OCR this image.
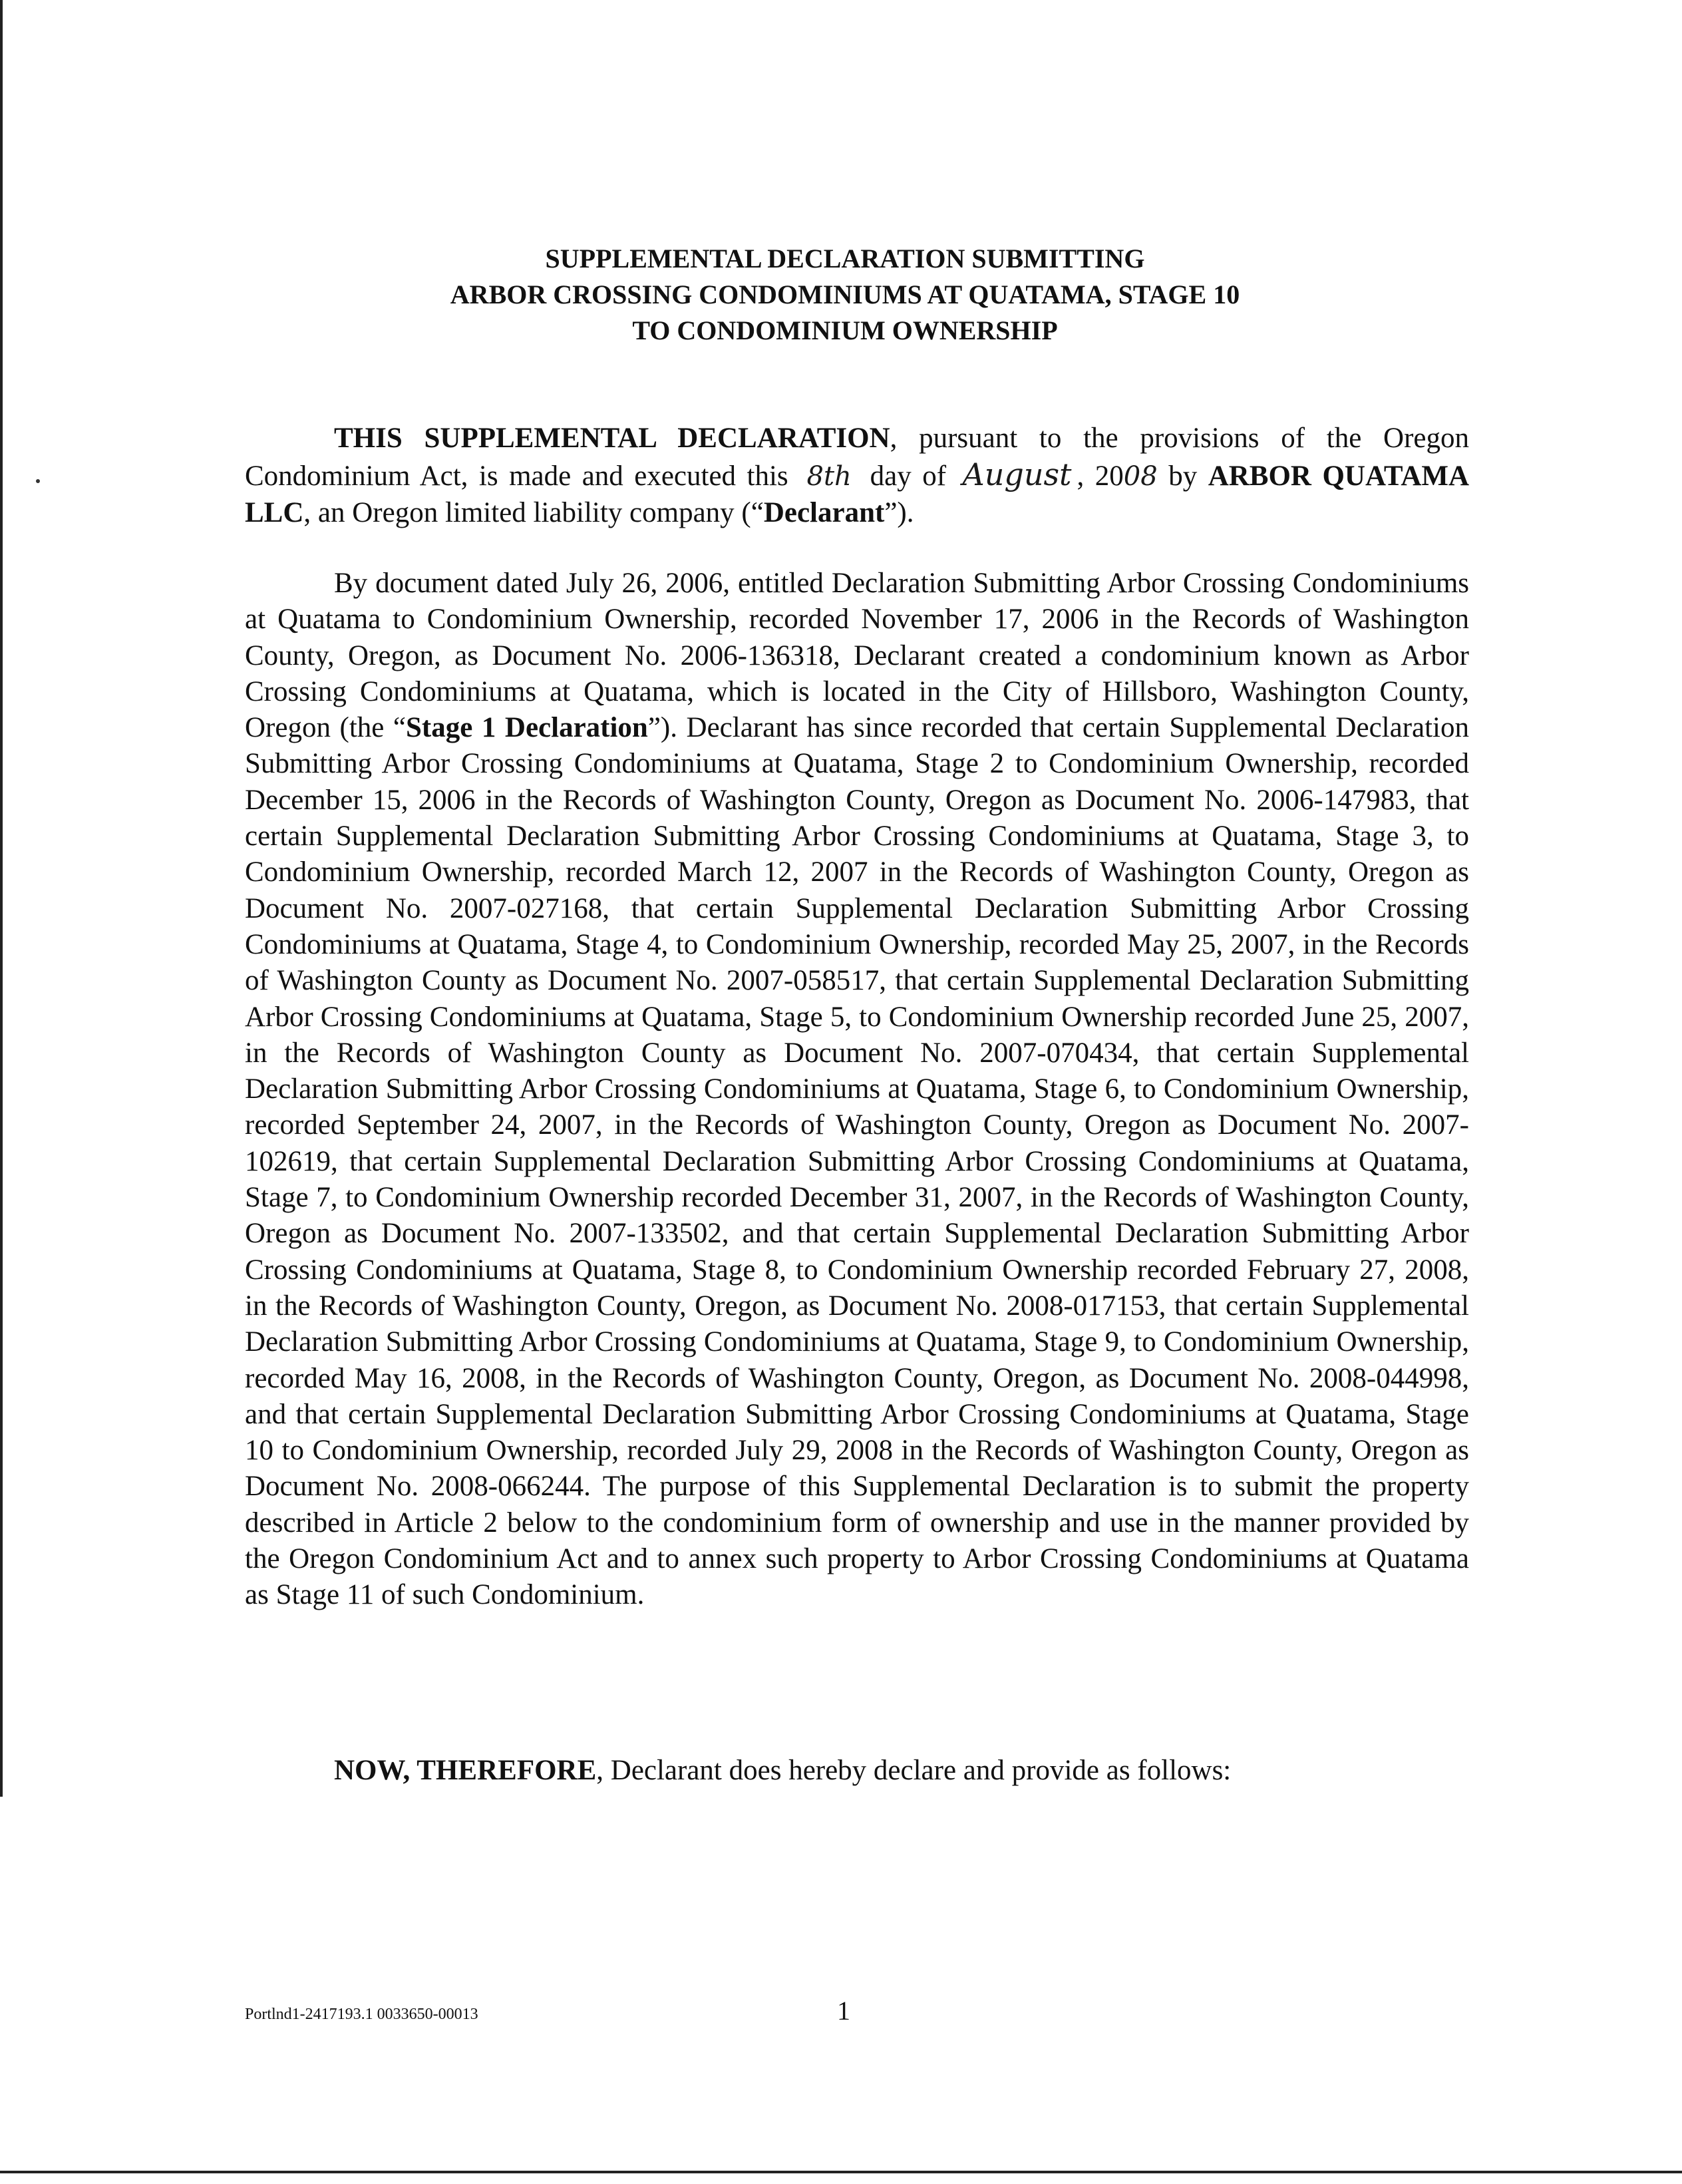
SUPPLEMENTAL DECLARATION SUBMITTING
ARBOR CROSSING CONDOMINIUMS AT QUATAMA, STAGE 10
TO CONDOMINIUM OWNERSHIP

THIS SUPPLEMENTAL DECLARATION, pursuant to the provisions of the Oregon Condominium Act, is made and executed this 8th day of August , 2008 by ARBOR QUATAMA LLC, an Oregon limited liability company (“Declarant”).

By document dated July 26, 2006, entitled Declaration Submitting Arbor Crossing Condominiums at Quatama to Condominium Ownership, recorded November 17, 2006 in the Records of Washington County, Oregon, as Document No. 2006-136318, Declarant created a condominium known as Arbor Crossing Condominiums at Quatama, which is located in the City of Hillsboro, Washington County, Oregon (the “Stage 1 Declaration”). Declarant has since recorded that certain Supplemental Declaration Submitting Arbor Crossing Condominiums at Quatama, Stage 2 to Condominium Ownership, recorded December 15, 2006 in the Records of Washington County, Oregon as Document No. 2006-147983, that certain Supplemental Declaration Submitting Arbor Crossing Condominiums at Quatama, Stage 3, to Condominium Ownership, recorded March 12, 2007 in the Records of Washington County, Oregon as Document No. 2007-027168, that certain Supplemental Declaration Submitting Arbor Crossing Condominiums at Quatama, Stage 4, to Condominium Ownership, recorded May 25, 2007, in the Records of Washington County as Document No. 2007-058517, that certain Supplemental Declaration Submitting Arbor Crossing Condominiums at Quatama, Stage 5, to Condominium Ownership recorded June 25, 2007, in the Records of Washington County as Document No. 2007-070434, that certain Supplemental Declaration Submitting Arbor Crossing Condominiums at Quatama, Stage 6, to Condominium Ownership, recorded September 24, 2007, in the Records of Washington County, Oregon as Document No. 2007-102619, that certain Supplemental Declaration Submitting Arbor Crossing Condominiums at Quatama, Stage 7, to Condominium Ownership recorded December 31, 2007, in the Records of Washington County, Oregon as Document No. 2007-133502, and that certain Supplemental Declaration Submitting Arbor Crossing Condominiums at Quatama, Stage 8, to Condominium Ownership recorded February 27, 2008, in the Records of Washington County, Oregon, as Document No. 2008-017153, that certain Supplemental Declaration Submitting Arbor Crossing Condominiums at Quatama, Stage 9, to Condominium Ownership, recorded May 16, 2008, in the Records of Washington County, Oregon, as Document No. 2008-044998, and that certain Supplemental Declaration Submitting Arbor Crossing Condominiums at Quatama, Stage 10 to Condominium Ownership, recorded July 29, 2008 in the Records of Washington County, Oregon as Document No. 2008-066244. The purpose of this Supplemental Declaration is to submit the property described in Article 2 below to the condominium form of ownership and use in the manner provided by the Oregon Condominium Act and to annex such property to Arbor Crossing Condominiums at Quatama as Stage 11 of such Condominium.

NOW, THEREFORE, Declarant does hereby declare and provide as follows:

Portlnd1-2417193.1 0033650-00013	1
